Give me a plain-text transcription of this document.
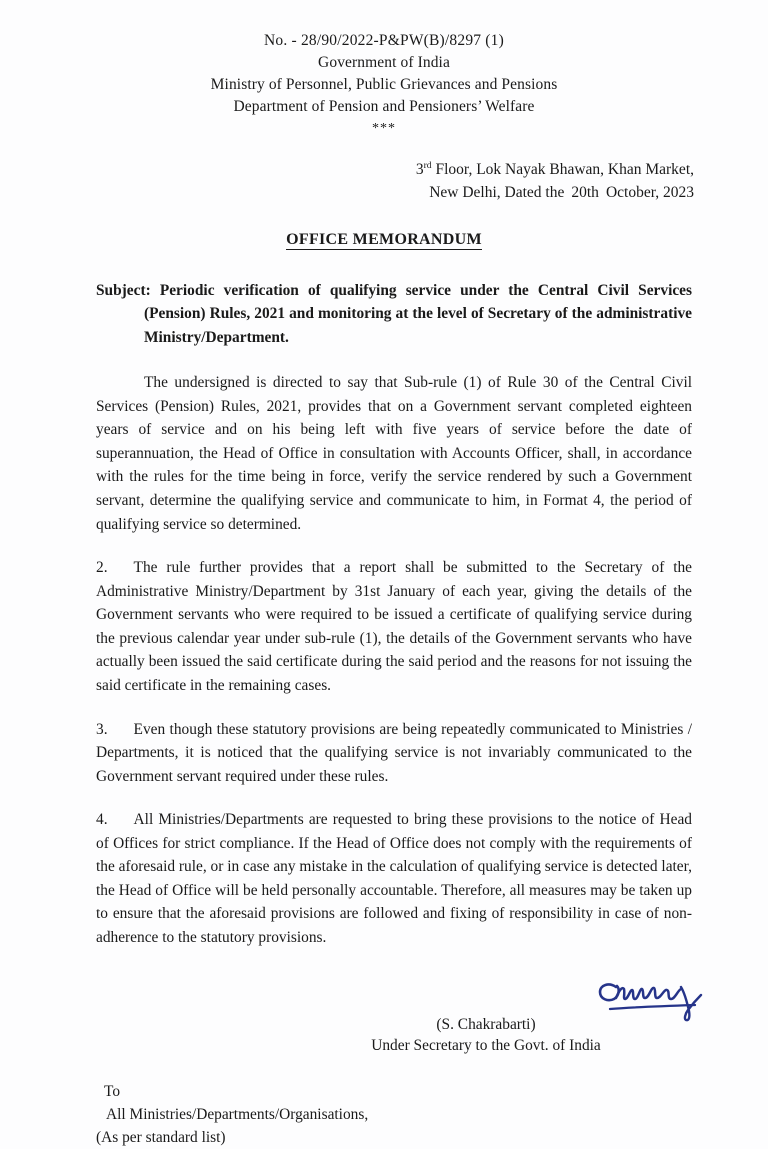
No. - 28/90/2022-P&PW(B)/8297 (1)
Government of India
Ministry of Personnel, Public Grievances and Pensions
Department of Pension and Pensioners’ Welfare
***
3rd Floor, Lok Nayak Bhawan, Khan Market,
New Delhi, Dated the 20th October, 2023
OFFICE MEMORANDUM
Subject: Periodic verification of qualifying service under the Central Civil Services (Pension) Rules, 2021 and monitoring at the level of Secretary of the administrative Ministry/Department.

The undersigned is directed to say that Sub-rule (1) of Rule 30 of the Central Civil Services (Pension) Rules, 2021, provides that on a Government servant completed eighteen years of service and on his being left with five years of service before the date of superannuation, the Head of Office in consultation with Accounts Officer, shall, in accordance with the rules for the time being in force, verify the service rendered by such a Government servant, determine the qualifying service and communicate to him, in Format 4, the period of qualifying service so determined.

2. The rule further provides that a report shall be submitted to the Secretary of the Administrative Ministry/Department by 31st January of each year, giving the details of the Government servants who were required to be issued a certificate of qualifying service during the previous calendar year under sub-rule (1), the details of the Government servants who have actually been issued the said certificate during the said period and the reasons for not issuing the said certificate in the remaining cases.

3. Even though these statutory provisions are being repeatedly communicated to Ministries / Departments, it is noticed that the qualifying service is not invariably communicated to the Government servant required under these rules.

4. All Ministries/Departments are requested to bring these provisions to the notice of Head of Offices for strict compliance. If the Head of Office does not comply with the requirements of the aforesaid rule, or in case any mistake in the calculation of qualifying service is detected later, the Head of Office will be held personally accountable. Therefore, all measures may be taken up to ensure that the aforesaid provisions are followed and fixing of responsibility in case of non-adherence to the statutory provisions.

(S. Chakrabarti)
Under Secretary to the Govt. of India
To
All Ministries/Departments/Organisations,
(As per standard list)
